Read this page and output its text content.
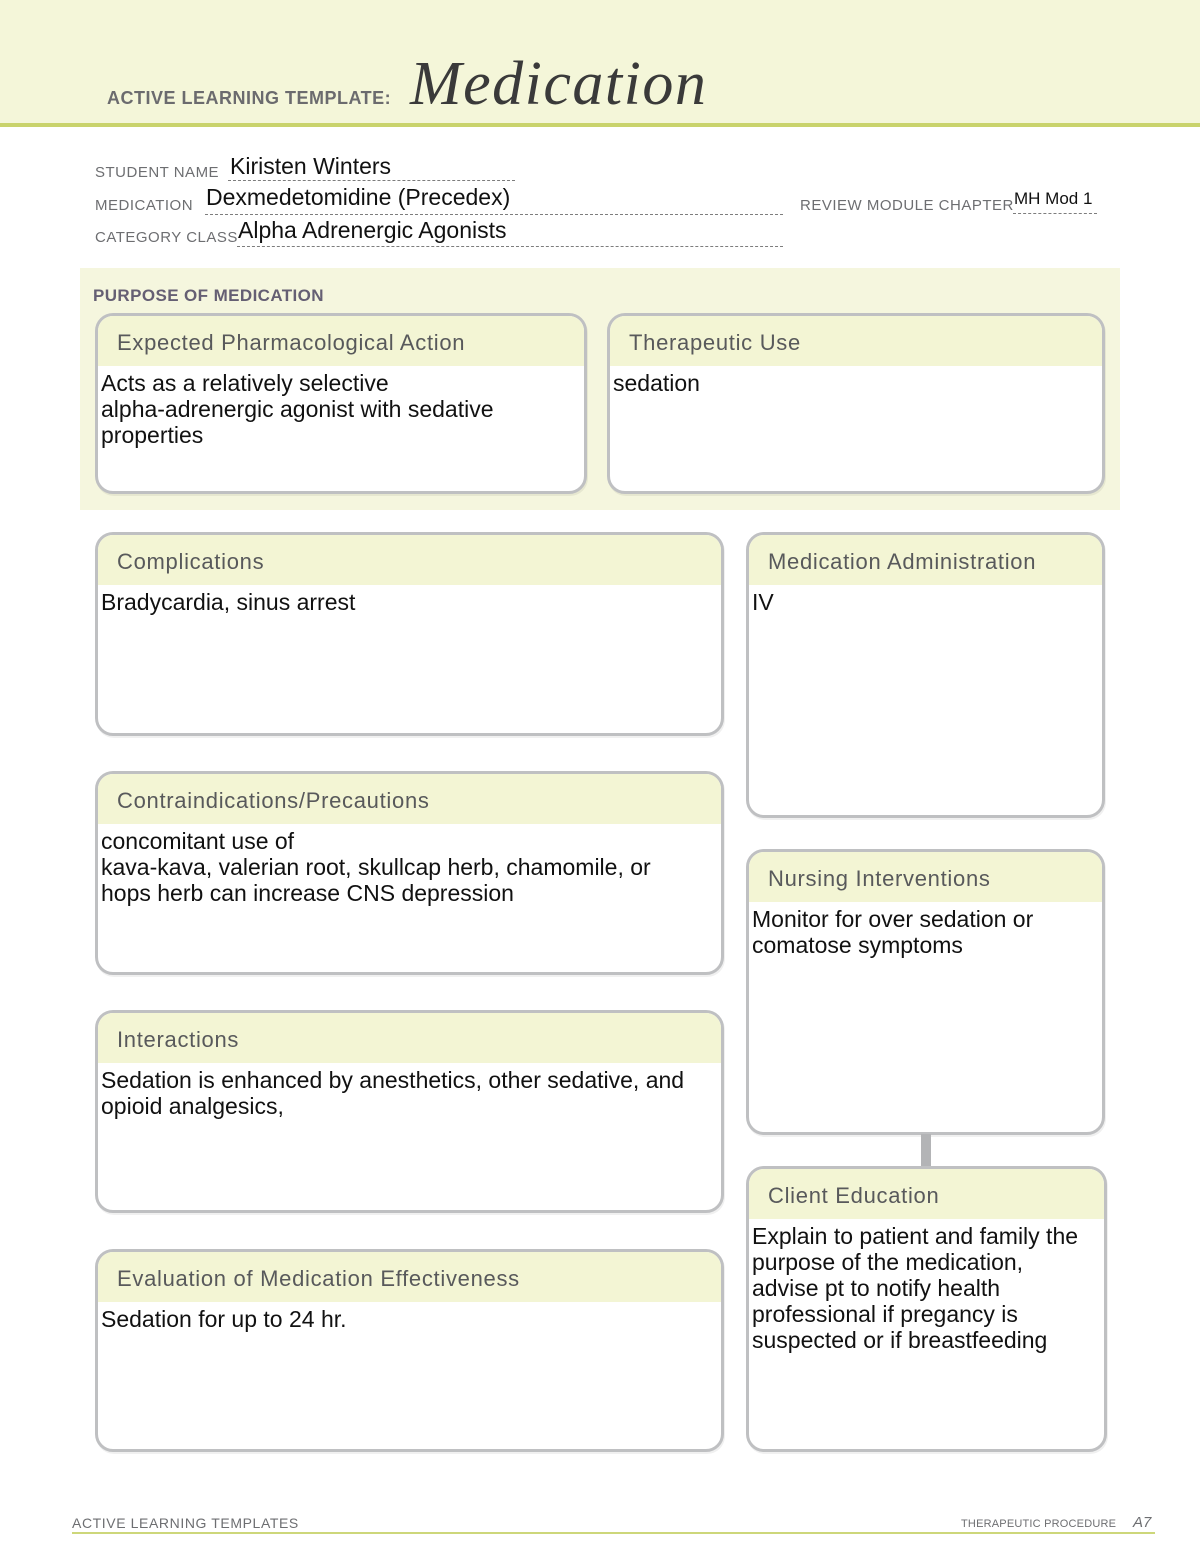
ACTIVE LEARNING TEMPLATE: Medication
STUDENT NAME Kiristen Winters
MEDICATION Dexmedetomidine (Precedex)	REVIEW MODULE CHAPTER MH Mod 1
CATEGORY CLASS Alpha Adrenergic Agonists
PURPOSE OF MEDICATION
Expected Pharmacological Action
Acts as a relatively selective
alpha-adrenergic agonist with sedative
properties
Therapeutic Use
sedation
Complications
Bradycardia, sinus arrest
Contraindications/Precautions
concomitant use of
kava-kava, valerian root, skullcap herb, chamomile, or
hops herb can increase CNS depression
Interactions
Sedation is enhanced by anesthetics, other sedative, and
opioid analgesics,
Evaluation of Medication Effectiveness
Sedation for up to 24 hr.
Medication Administration
IV
Nursing Interventions
Monitor for over sedation or
comatose symptoms
Client Education
Explain to patient and family the
purpose of the medication,
advise pt to notify health
professional if pregancy is
suspected or if breastfeeding
ACTIVE LEARNING TEMPLATES	THERAPEUTIC PROCEDURE A7
